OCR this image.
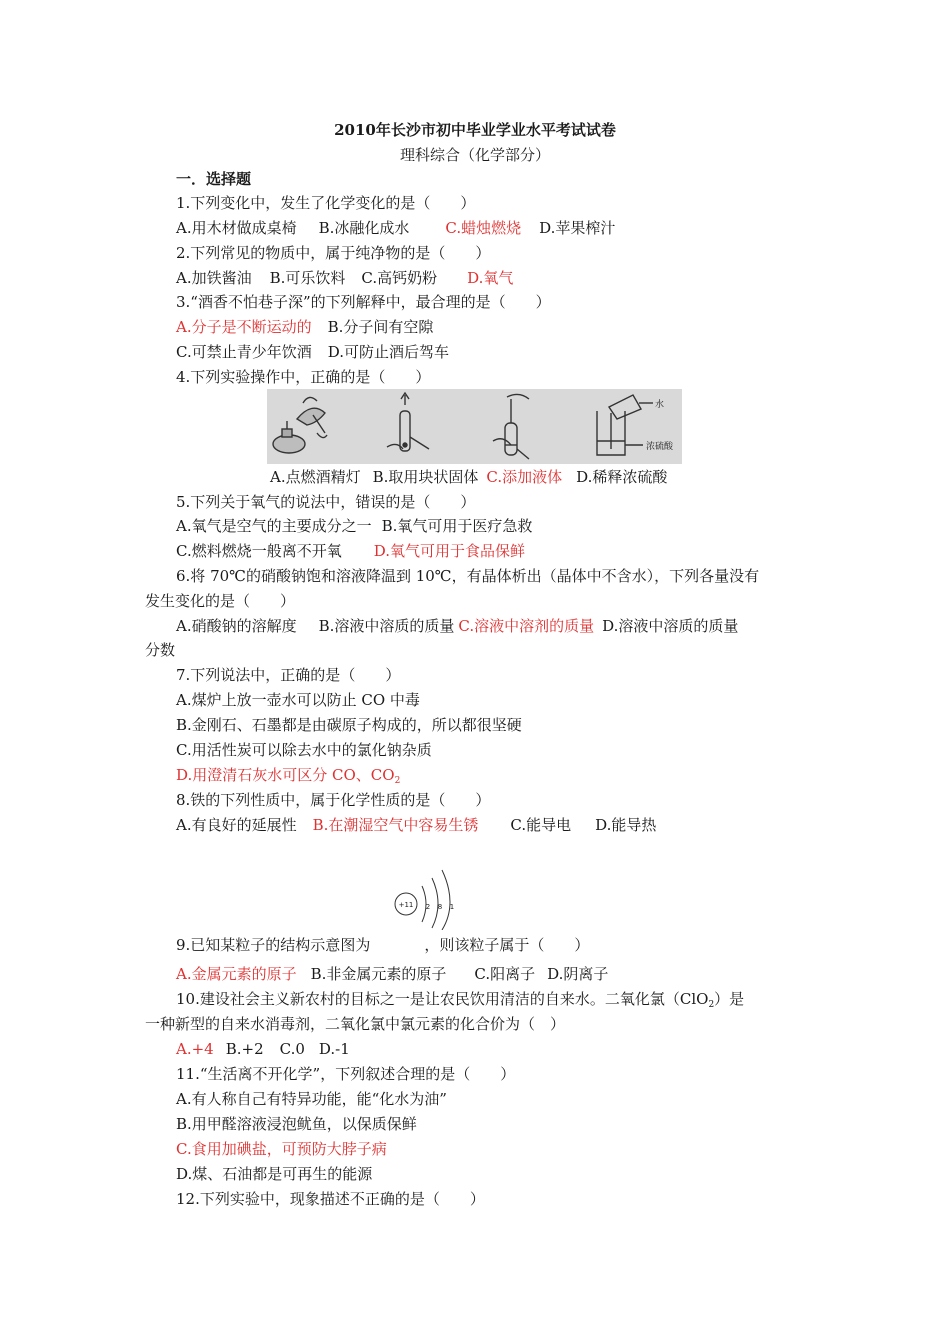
2010年长沙市初中毕业学业水平考试试卷
理科综合（化学部分）
一．选择题
1.下列变化中，发生了化学变化的是（　　）
A.用木材做成桌椅 B.冰融化成水 C.蜡烛燃烧 D.苹果榨汁
2.下列常见的物质中，属于纯净物的是（　　）
A.加铁酱油 B.可乐饮料 C.高钙奶粉 D.氧气
3.“酒香不怕巷子深”的下列解释中，最合理的是（　　）
A.分子是不断运动的 B.分子间有空隙
C.可禁止青少年饮酒 D.可防止酒后驾车
4.下列实验操作中，正确的是（　　）
水
浓硫酸
A.点燃酒精灯 B.取用块状固体 C.添加液体 D.稀释浓硫酸
5.下列关于氧气的说法中，错误的是（　　）
A.氧气是空气的主要成分之一 B.氧气可用于医疗急救
C.燃料燃烧一般离不开氧 D.氧气可用于食品保鲜
6.将 70℃的硝酸钠饱和溶液降温到 10℃，有晶体析出（晶体中不含水），下列各量没有
发生变化的是（　　）
A.硝酸钠的溶解度 B.溶液中溶质的质量 C.溶液中溶剂的质量 D.溶液中溶质的质量
分数
7.下列说法中，正确的是（　　）
A.煤炉上放一壶水可以防止 CO 中毒
B.金刚石、石墨都是由碳原子构成的，所以都很坚硬
C.用活性炭可以除去水中的氯化钠杂质
D.用澄清石灰水可区分 CO、$CO_2$
8.铁的下列性质中，属于化学性质的是（　　）
A.有良好的延展性 B.在潮湿空气中容易生锈 C.能导电 D.能导热
+11 2 8 1
9.已知某粒子的结构示意图为	，则该粒子属于（　　）
A.金属元素的原子 B.非金属元素的原子 C.阳离子 D.阴离子
10.建设社会主义新农村的目标之一是让农民饮用清洁的自来水。二氧化氯（ClO$_2$）是
一种新型的自来水消毒剂，二氧化氯中氯元素的化合价为（　）
A.+4 B.+2 C.0 D.-1
11.“生活离不开化学”，下列叙述合理的是（　　）
A.有人称自己有特异功能，能“化水为油”
B.用甲醛溶液浸泡鱿鱼，以保质保鲜
C.食用加碘盐，可预防大脖子病
D.煤、石油都是可再生的能源
12.下列实验中，现象描述不正确的是（　　）
